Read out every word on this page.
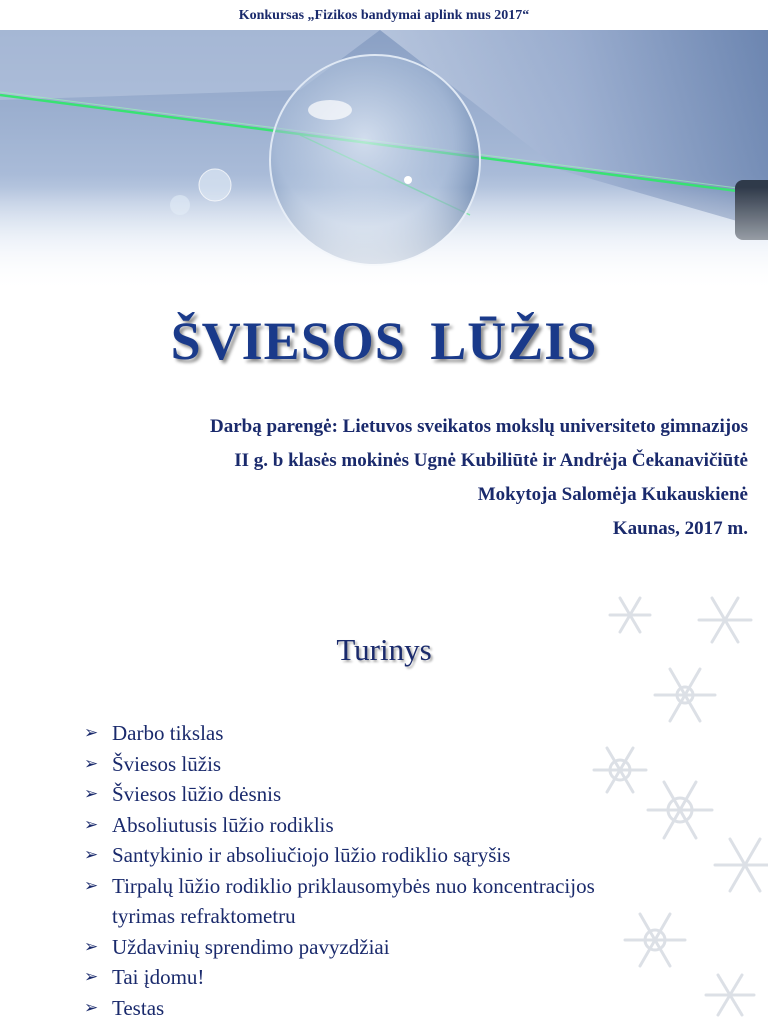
Konkursas „Fizikos bandymai aplink mus 2017“
ŠVIESOS LŪŽIS
Darbą parengė: Lietuvos sveikatos mokslų universiteto gimnazijos
II g. b klasės mokinės Ugnė Kubiliūtė ir Andrėja Čekanavičiūtė
Mokytoja Salomėja Kukauskienė
Kaunas, 2017 m.
Turinys
➢ Darbo tikslas
➢ Šviesos lūžis
➢ Šviesos lūžio dėsnis
➢ Absoliutusis lūžio rodiklis
➢ Santykinio ir absoliučiojo lūžio rodiklio sąryšis
➢ Tirpalų lūžio rodiklio priklausomybės nuo koncentracijos
tyrimas refraktometru
➢ Uždavinių sprendimo pavyzdžiai
➢ Tai įdomu!
➢ Testas
